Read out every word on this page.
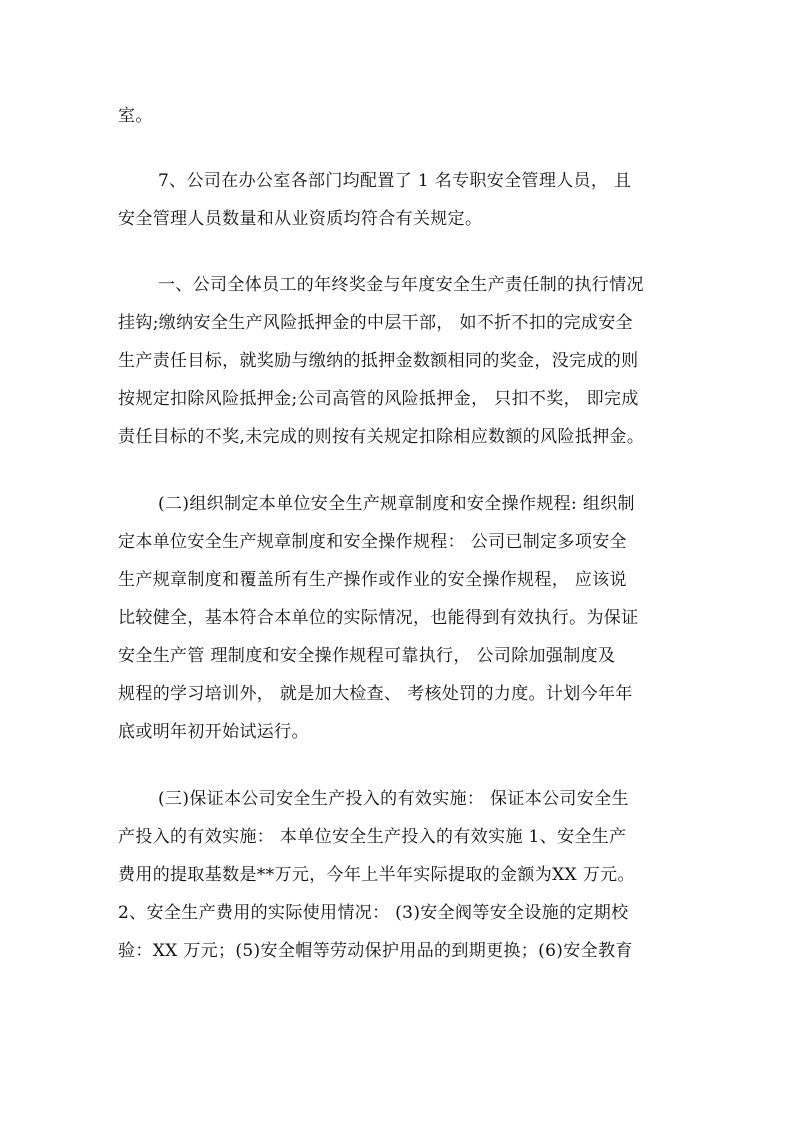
室。
7、公司在办公室各部门均配置了 1 名专职安全管理人员， 且
安全管理人员数量和从业资质均符合有关规定。
一、公司全体员工的年终奖金与年度安全生产责任制的执行情况
挂钩;缴纳安全生产风险抵押金的中层干部， 如不折不扣的完成安全
生产责任目标，就奖励与缴纳的抵押金数额相同的奖金，没完成的则
按规定扣除风险抵押金;公司高管的风险抵押金， 只扣不奖， 即完成
责任目标的不奖,未完成的则按有关规定扣除相应数额的风险抵押金。
(二)组织制定本单位安全生产规章制度和安全操作规程: 组织制
定本单位安全生产规章制度和安全操作规程： 公司已制定多项安全
生产规章制度和覆盖所有生产操作或作业的安全操作规程， 应该说
比较健全，基本符合本单位的实际情况，也能得到有效执行。为保证
安全生产管 理制度和安全操作规程可靠执行， 公司除加强制度及
规程的学习培训外， 就是加大检查、 考核处罚的力度。计划今年年
底或明年初开始试运行。
(三)保证本公司安全生产投入的有效实施： 保证本公司安全生
产投入的有效实施： 本单位安全生产投入的有效实施 1、安全生产
费用的提取基数是**万元，今年上半年实际提取的金额为XX 万元。
2、安全生产费用的实际使用情况： (3)安全阀等安全设施的定期校
验：XX 万元；(5)安全帽等劳动保护用品的到期更换；(6)安全教育
